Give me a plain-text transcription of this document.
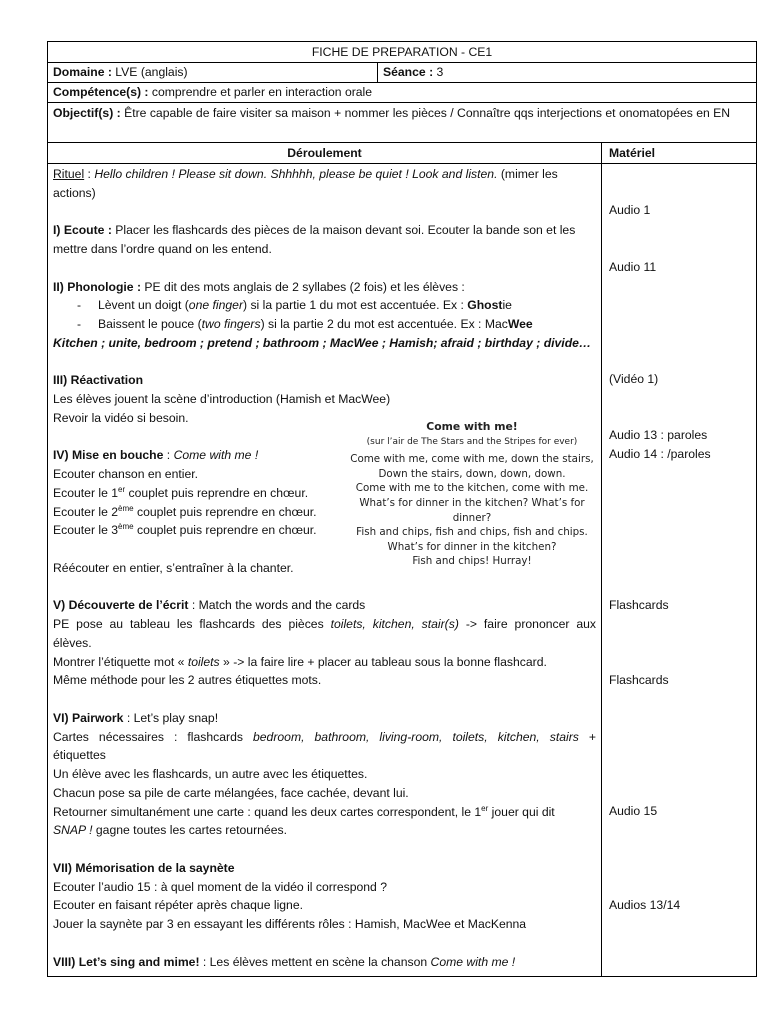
FICHE DE PREPARATION - CE1
Domaine : LVE (anglais)	Séance : 3
Compétence(s) : comprendre et parler en interaction orale
Objectif(s) : Être capable de faire visiter sa maison + nommer les pièces / Connaître qqs interjections et onomatopées en EN
Déroulement	Matériel
Rituel : Hello children ! Please sit down. Shhhhh, please be quiet ! Look and listen. (mimer les
actions)
I) Ecoute : Placer les flashcards des pièces de la maison devant soi. Ecouter la bande son et les
mettre dans l’ordre quand on les entend.
II) Phonologie : PE dit des mots anglais de 2 syllabes (2 fois) et les élèves :
-     Lèvent un doigt (one finger) si la partie 1 du mot est accentuée. Ex : Ghostie
-     Baissent le pouce (two fingers) si la partie 2 du mot est accentuée. Ex : MacWee
Kitchen ; unite, bedroom ; pretend ; bathroom ; MacWee ; Hamish; afraid ; birthday ; divide…
III) Réactivation
Les élèves jouent la scène d’introduction (Hamish et MacWee)
Revoir la vidéo si besoin.
IV) Mise en bouche : Come with me !
Ecouter chanson en entier.
Ecouter le 1er couplet puis reprendre en chœur.
Ecouter le 2ème couplet puis reprendre en chœur.
Ecouter le 3ème couplet puis reprendre en chœur.
Réécouter en entier, s’entraîner à la chanter.
V) Découverte de l’écrit : Match the words and the cards
PE pose au tableau les flashcards des pièces toilets, kitchen, stair(s) -> faire prononcer aux
élèves.
Montrer l’étiquette mot « toilets » -> la faire lire + placer au tableau sous la bonne flashcard.
Même méthode pour les 2 autres étiquettes mots.
VI) Pairwork : Let’s play snap!
Cartes nécessaires : flashcards bedroom, bathroom, living-room, toilets, kitchen, stairs +
étiquettes
Un élève avec les flashcards, un autre avec les étiquettes.
Chacun pose sa pile de carte mélangées, face cachée, devant lui.
Retourner simultanément une carte : quand les deux cartes correspondent, le 1er jouer qui dit
SNAP ! gagne toutes les cartes retournées.
VII) Mémorisation de la saynète
Ecouter l’audio 15 : à quel moment de la vidéo il correspond ?
Ecouter en faisant répéter après chaque ligne.
Jouer la saynète par 3 en essayant les différents rôles : Hamish, MacWee et MacKenna
VIII) Let’s sing and mime! : Les élèves mettent en scène la chanson Come with me !
Come with me!
(sur l’air de The Stars and the Stripes for ever)
Come with me, come with me, down the stairs,
Down the stairs, down, down, down.
Come with me to the kitchen, come with me.
What’s for dinner in the kitchen? What’s for dinner?
Fish and chips, fish and chips, fish and chips.
What’s for dinner in the kitchen?
Fish and chips! Hurray!
Audio 1
Audio 11
(Vidéo 1)
Audio 13 : paroles
Audio 14 : /paroles
Flashcards
Flashcards
Audio 15
Audios 13/14
